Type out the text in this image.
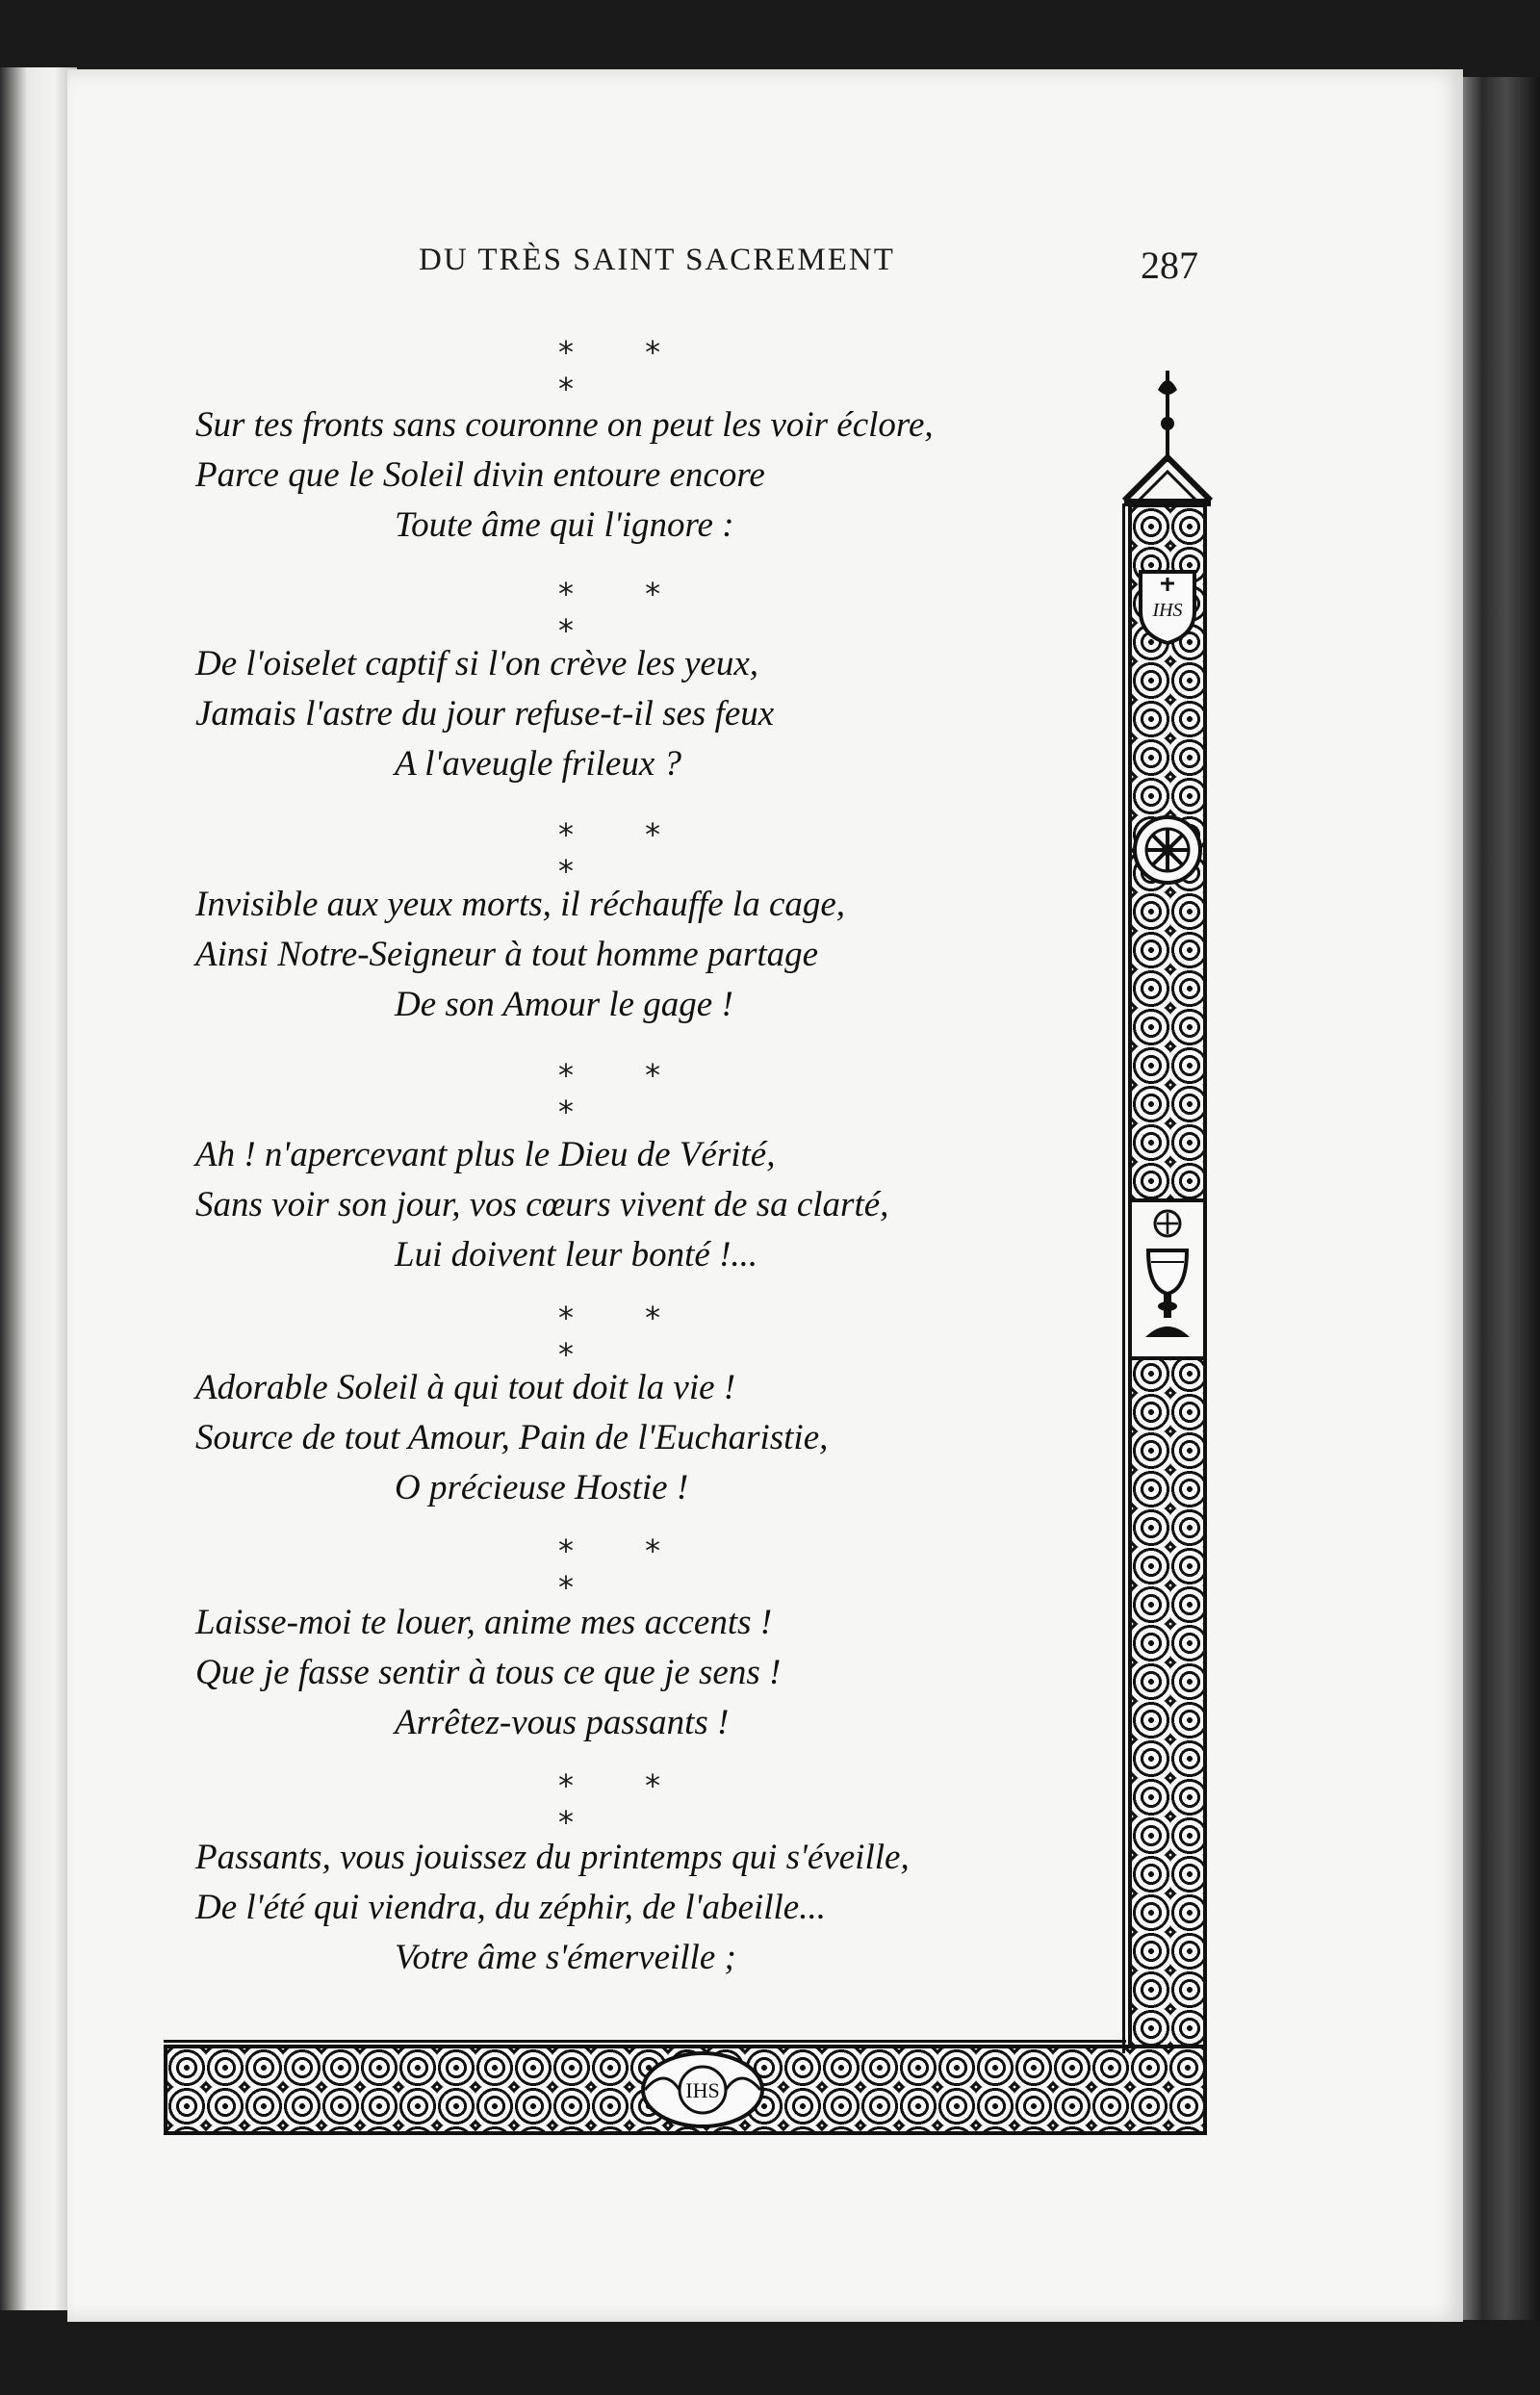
DU TRÈS SAINT SACREMENT	287
* * *
Sur tes fronts sans couronne on peut les voir éclore,
Parce que le Soleil divin entoure encore
Toute âme qui l'ignore :
* * *
De l'oiselet captif si l'on crève les yeux,
Jamais l'astre du jour refuse-t-il ses feux
A l'aveugle frileux ?
* * *
Invisible aux yeux morts, il réchauffe la cage,
Ainsi Notre-Seigneur à tout homme partage
De son Amour le gage !
* * *
Ah ! n'apercevant plus le Dieu de Vérité,
Sans voir son jour, vos cœurs vivent de sa clarté,
Lui doivent leur bonté !...
* * *
Adorable Soleil à qui tout doit la vie !
Source de tout Amour, Pain de l'Eucharistie,
O précieuse Hostie !
* * *
Laisse-moi te louer, anime mes accents !
Que je fasse sentir à tous ce que je sens !
Arrêtez-vous passants !
* * *
Passants, vous jouissez du printemps qui s'éveille,
De l'été qui viendra, du zéphir, de l'abeille...
Votre âme s'émerveille ;
IHS
IHS
